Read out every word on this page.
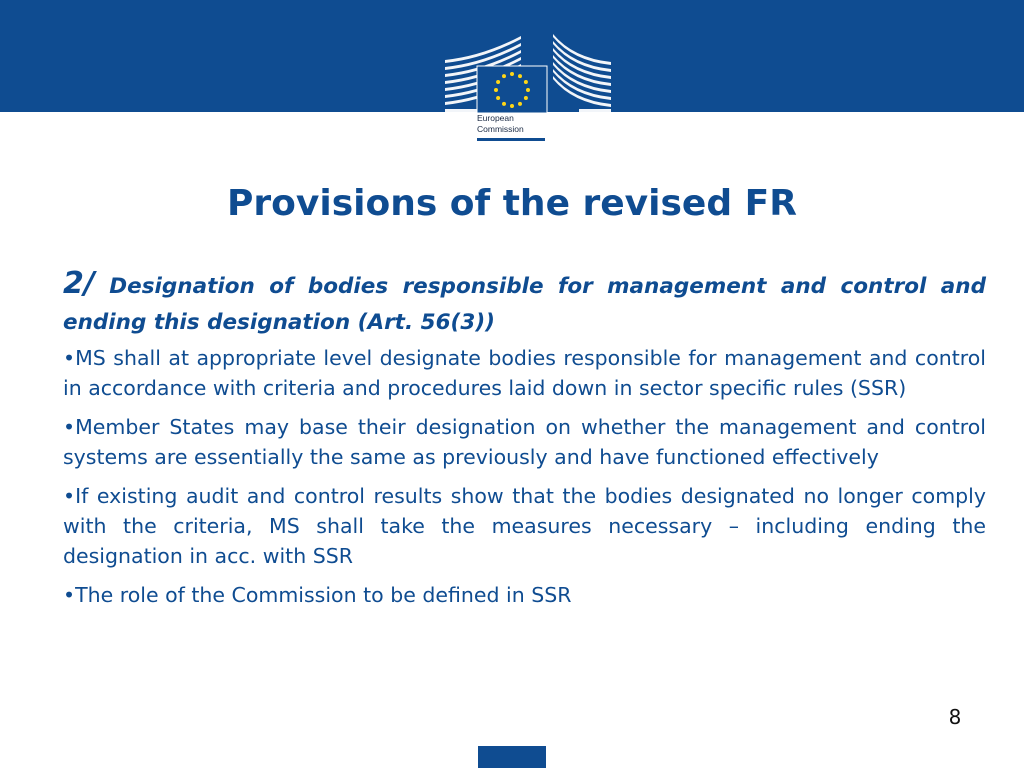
European
Commission
Provisions of the revised FR

2/ Designation of bodies responsible for management and control and ending this designation (Art. 56(3))

•MS shall at appropriate level designate bodies responsible for management and control in accordance with criteria and procedures laid down in sector specific rules (SSR)

•Member States may base their designation on whether the management and control systems are essentially the same as previously and have functioned effectively

•If existing audit and control results show that the bodies designated no longer comply with the criteria, MS shall take the measures necessary – including ending the designation in acc. with SSR

•The role of the Commission to be defined in SSR

8
